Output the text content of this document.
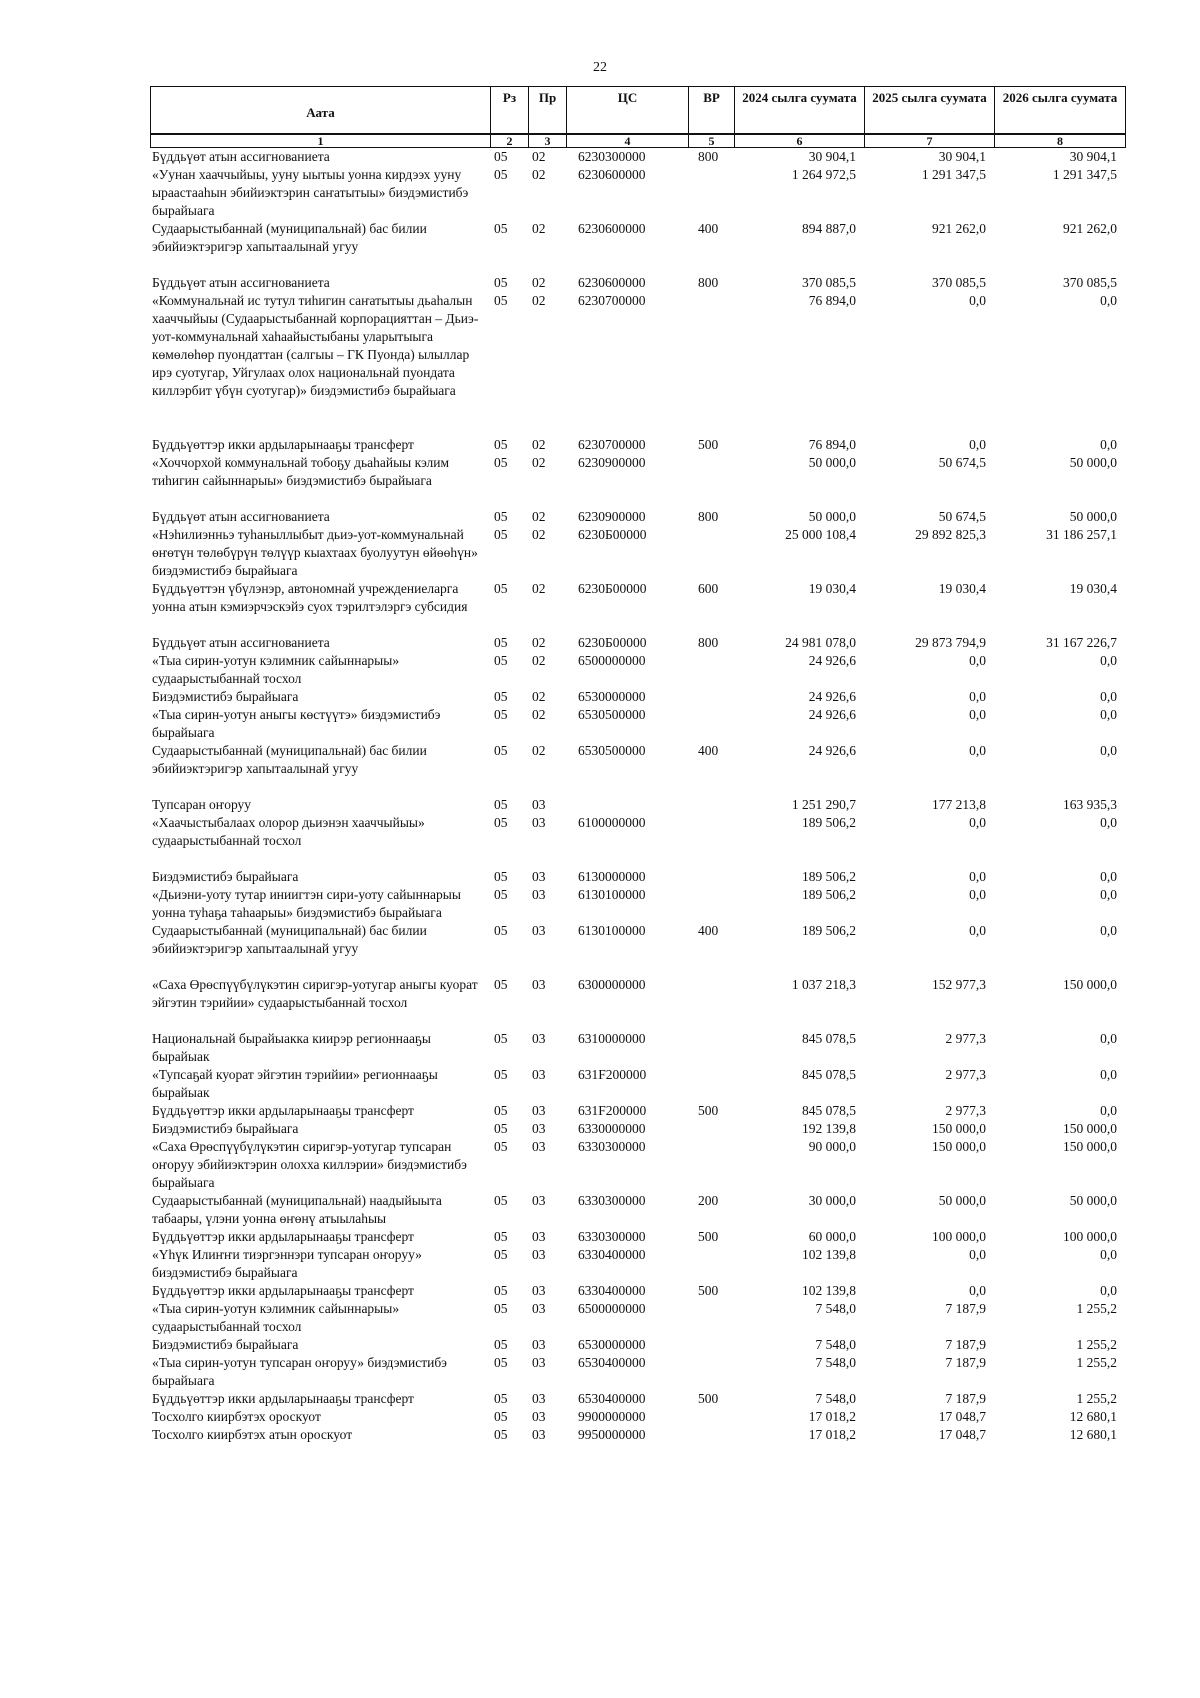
22
Аата	Рз	Пр	ЦС	ВР	2024 сылга суумата	2025 сылга суумата	2026 сылга суумата
1	2	3	4	5	6	7	8
Бүддьүөт атын ассигнованиета	05	02	6230300000	800	30 904,1	30 904,1	30 904,1
«Уунан хааччыйыы, ууну ыытыы уонна кирдээх ууну ыраастааһын эбийиэктэрин саҥатытыы» биэдэмистибэ бырайыага	05	02	6230600000		1 264 972,5	1 291 347,5	1 291 347,5
Судаарыстыбаннай (муниципальнай) бас билии эбийиэктэригэр хапытаалынай угуу	05	02	6230600000	400	894 887,0	921 262,0	921 262,0

Бүддьүөт атын ассигнованиета	05	02	6230600000	800	370 085,5	370 085,5	370 085,5
«Коммунальнай ис тутул тиһигин саҥатытыы дьаһалын хааччыйыы (Судаарыстыбаннай корпорацияттан – Дьиэ-уот-коммунальнай хаһаайыстыбаны уларытыыга көмөлөһөр пуондаттан (салгыы – ГК Пуонда) ылыллар ирэ суотугар, Уйгулаах олох национальнай пуондата киллэрбит үбүн суотугар)» биэдэмистибэ бырайыага	05	02	6230700000		76 894,0	0,0	0,0

Бүддьүөттэр икки ардыларынааҕы трансферт	05	02	6230700000	500	76 894,0	0,0	0,0
«Хоччорхой коммунальнай тобоҕу дьаһайыы кэлим тиһигин сайыннарыы» биэдэмистибэ бырайыага	05	02	6230900000		50 000,0	50 674,5	50 000,0

Бүддьүөт атын ассигнованиета	05	02	6230900000	800	50 000,0	50 674,5	50 000,0
«Нэһилиэнньэ туһаныллыбыт дьиэ-уот-коммунальнай өҥөтүн төлөбүрүн төлүүр кыахтаах буолуутун өйөөһүн» биэдэмистибэ бырайыага	05	02	6230Б00000		25 000 108,4	29 892 825,3	31 186 257,1
Бүддьүөттэн үбүлэнэр, автономнай учреждениеларга уонна атын кэмиэрчэскэйэ суох тэрилтэлэргэ субсидия	05	02	6230Б00000	600	19 030,4	19 030,4	19 030,4

Бүддьүөт атын ассигнованиета	05	02	6230Б00000	800	24 981 078,0	29 873 794,9	31 167 226,7
«Тыа сирин-уотун кэлимник сайыннарыы» судаарыстыбаннай тосхол	05	02	6500000000		24 926,6	0,0	0,0
Биэдэмистибэ бырайыага	05	02	6530000000		24 926,6	0,0	0,0
«Тыа сирин-уотун аныгы көстүүтэ» биэдэмистибэ бырайыага	05	02	6530500000		24 926,6	0,0	0,0
Судаарыстыбаннай (муниципальнай) бас билии эбийиэктэригэр хапытаалынай угуу	05	02	6530500000	400	24 926,6	0,0	0,0

Тупсаран оҥоруу	05	03			1 251 290,7	177 213,8	163 935,3
«Хаачыстыбалаах олорор дьиэнэн хааччыйыы» судаарыстыбаннай тосхол	05	03	6100000000		189 506,2	0,0	0,0

Биэдэмистибэ бырайыага	05	03	6130000000		189 506,2	0,0	0,0
«Дьиэни-уоту тутар иниигтэн сири-уоту сайыннарыы уонна туһаҕа таһаарыы» биэдэмистибэ бырайыага	05	03	6130100000		189 506,2	0,0	0,0
Судаарыстыбаннай (муниципальнай) бас билии эбийиэктэригэр хапытаалынай угуу	05	03	6130100000	400	189 506,2	0,0	0,0

«Саха Өрөспүүбүлүкэтин сиригэр-уотугар аныгы куорат эйгэтин тэрийии» судаарыстыбаннай тосхол	05	03	6300000000		1 037 218,3	152 977,3	150 000,0

Национальнай бырайыакка киирэр регионнааҕы бырайыак	05	03	6310000000		845 078,5	2 977,3	0,0
«Тупсаҕай куорат эйгэтин тэрийии» регионнааҕы бырайыак	05	03	631F200000		845 078,5	2 977,3	0,0
Бүддьүөттэр икки ардыларынааҕы трансферт	05	03	631F200000	500	845 078,5	2 977,3	0,0
Биэдэмистибэ бырайыага	05	03	6330000000		192 139,8	150 000,0	150 000,0
«Саха Өрөспүүбүлүкэтин сиригэр-уотугар тупсаран оҥоруу эбийиэктэрин олохха киллэрии» биэдэмистибэ бырайыага	05	03	6330300000		90 000,0	150 000,0	150 000,0
Судаарыстыбаннай (муниципальнай) наадыйыыта табаары, үлэни уонна өҥөнү атыылаһыы	05	03	6330300000	200	30 000,0	50 000,0	50 000,0
Бүддьүөттэр икки ардыларынааҕы трансферт	05	03	6330300000	500	60 000,0	100 000,0	100 000,0
«Үһүк Илиҥҥи тиэргэннэри тупсаран оҥоруу» биэдэмистибэ бырайыага	05	03	6330400000		102 139,8	0,0	0,0
Бүддьүөттэр икки ардыларынааҕы трансферт	05	03	6330400000	500	102 139,8	0,0	0,0
«Тыа сирин-уотун кэлимник сайыннарыы» судаарыстыбаннай тосхол	05	03	6500000000		7 548,0	7 187,9	1 255,2
Биэдэмистибэ бырайыага	05	03	6530000000		7 548,0	7 187,9	1 255,2
«Тыа сирин-уотун тупсаран оҥоруу» биэдэмистибэ бырайыага	05	03	6530400000		7 548,0	7 187,9	1 255,2
Бүддьүөттэр икки ардыларынааҕы трансферт	05	03	6530400000	500	7 548,0	7 187,9	1 255,2
Тосхолго киирбэтэх ороскуот	05	03	9900000000		17 018,2	17 048,7	12 680,1
Тосхолго киирбэтэх атын ороскуот	05	03	9950000000		17 018,2	17 048,7	12 680,1
